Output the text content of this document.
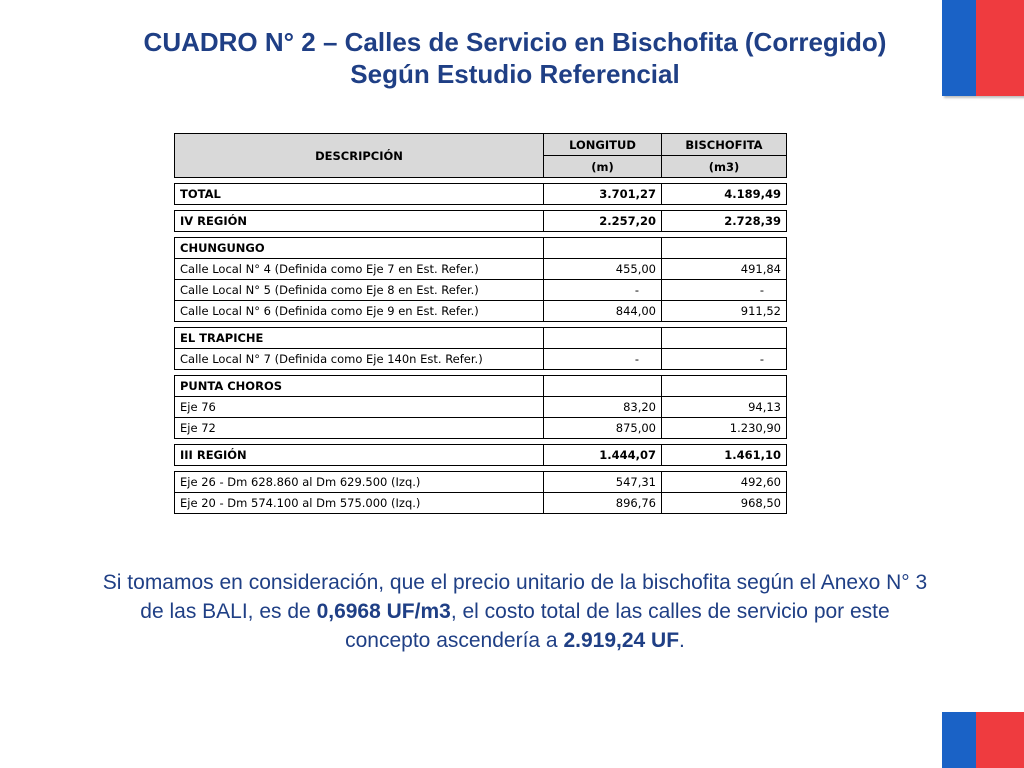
CUADRO N° 2 – Calles de Servicio en Bischofita (Corregido)
Según Estudio Referencial
DESCRIPCIÓN	LONGITUD	BISCHOFITA
	(m)	(m3)

TOTAL	3.701,27	4.189,49

IV REGIÓN	2.257,20	2.728,39

CHUNGUNGO		
Calle Local N° 4 (Definida como Eje 7 en Est. Refer.)	455,00	491,84
Calle Local N° 5 (Definida como Eje 8 en Est. Refer.)	-	-
Calle Local N° 6 (Definida como Eje 9 en Est. Refer.)	844,00	911,52

EL TRAPICHE		
Calle Local N° 7 (Definida como Eje 140n Est. Refer.)	-	-

PUNTA CHOROS		
Eje 76	83,20	94,13
Eje 72	875,00	1.230,90

III REGIÓN	1.444,07	1.461,10

Eje 26 - Dm 628.860 al Dm 629.500 (Izq.)	547,31	492,60
Eje 20 - Dm 574.100 al Dm 575.000 (Izq.)	896,76	968,50
Si tomamos en consideración, que el precio unitario de la bischofita según el Anexo N° 3 de las BALI, es de 0,6968 UF/m3, el costo total de las calles de servicio por este concepto ascendería a 2.919,24 UF.
